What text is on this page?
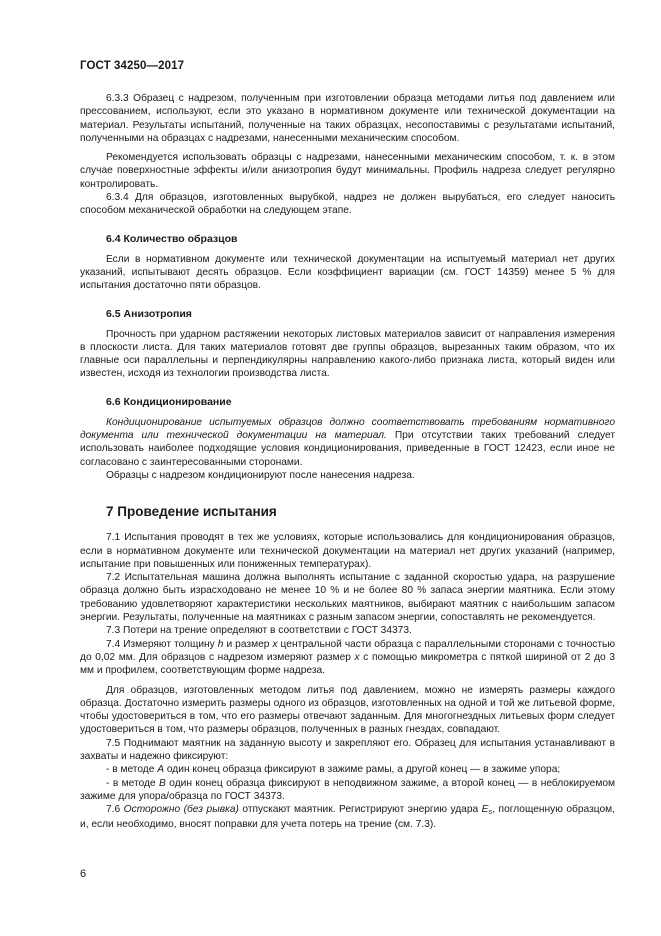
ГОСТ 34250—2017

6.3.3 Образец с надрезом, полученным при изготовлении образца методами литья под давлением или прессованием, используют, если это указано в нормативном документе или технической документации на материал. Результаты испытаний, полученные на таких образцах, несопоставимы с результатами испытаний, полученными на образцах с надрезами, нанесенными механическим способом.

Рекомендуется использовать образцы с надрезами, нанесенными механическим способом, т. к. в этом случае поверхностные эффекты и/или анизотропия будут минимальны. Профиль надреза следует регулярно контролировать.

6.3.4 Для образцов, изготовленных вырубкой, надрез не должен вырубаться, его следует наносить способом механической обработки на следующем этапе.

6.4 Количество образцов

Если в нормативном документе или технической документации на испытуемый материал нет других указаний, испытывают десять образцов. Если коэффициент вариации (см. ГОСТ 14359) менее 5 % для испытания достаточно пяти образцов.

6.5 Анизотропия

Прочность при ударном растяжении некоторых листовых материалов зависит от направления измерения в плоскости листа. Для таких материалов готовят две группы образцов, вырезанных таким образом, что их главные оси параллельны и перпендикулярны направлению какого-либо признака листа, который виден или известен, исходя из технологии производства листа.

6.6 Кондиционирование

Кондиционирование испытуемых образцов должно соответствовать требованиям нормативного документа или технической документации на материал. При отсутствии таких требований следует использовать наиболее подходящие условия кондиционирования, приведенные в ГОСТ 12423, если иное не согласовано с заинтересованными сторонами.

Образцы с надрезом кондиционируют после нанесения надреза.

7 Проведение испытания

7.1 Испытания проводят в тех же условиях, которые использовались для кондиционирования образцов, если в нормативном документе или технической документации на материал нет других указаний (например, испытание при повышенных или пониженных температурах).

7.2 Испытательная машина должна выполнять испытание с заданной скоростью удара, на разрушение образца должно быть израсходовано не менее 10 % и не более 80 % запаса энергии маятника. Если этому требованию удовлетворяют характеристики нескольких маятников, выбирают маятник с наибольшим запасом энергии. Результаты, полученные на маятниках с разным запасом энергии, сопоставлять не рекомендуется.

7.3 Потери на трение определяют в соответствии с ГОСТ 34373.

7.4 Измеряют толщину h и размер x центральной части образца с параллельными сторонами с точностью до 0,02 мм. Для образцов с надрезом измеряют размер x с помощью микрометра с пяткой шириной от 2 до 3 мм и профилем, соответствующим форме надреза.

Для образцов, изготовленных методом литья под давлением, можно не измерять размеры каждого образца. Достаточно измерить размеры одного из образцов, изготовленных на одной и той же литьевой форме, чтобы удостовериться в том, что его размеры отвечают заданным. Для многогнездных литьевых форм следует удостовериться в том, что размеры образцов, полученных в разных гнездах, совпадают.

7.5 Поднимают маятник на заданную высоту и закрепляют его. Образец для испытания устанавливают в захваты и надежно фиксируют:

- в методе А один конец образца фиксируют в зажиме рамы, а другой конец — в зажиме упора;

- в методе В один конец образца фиксируют в неподвижном зажиме, а второй конец — в неблокируемом зажиме для упора/образца по ГОСТ 34373.

7.6 Осторожно (без рывка) отпускают маятник. Регистрируют энергию удара $E_s$, поглощенную образцом, и, если необходимо, вносят поправки для учета потерь на трение (см. 7.3).

6
